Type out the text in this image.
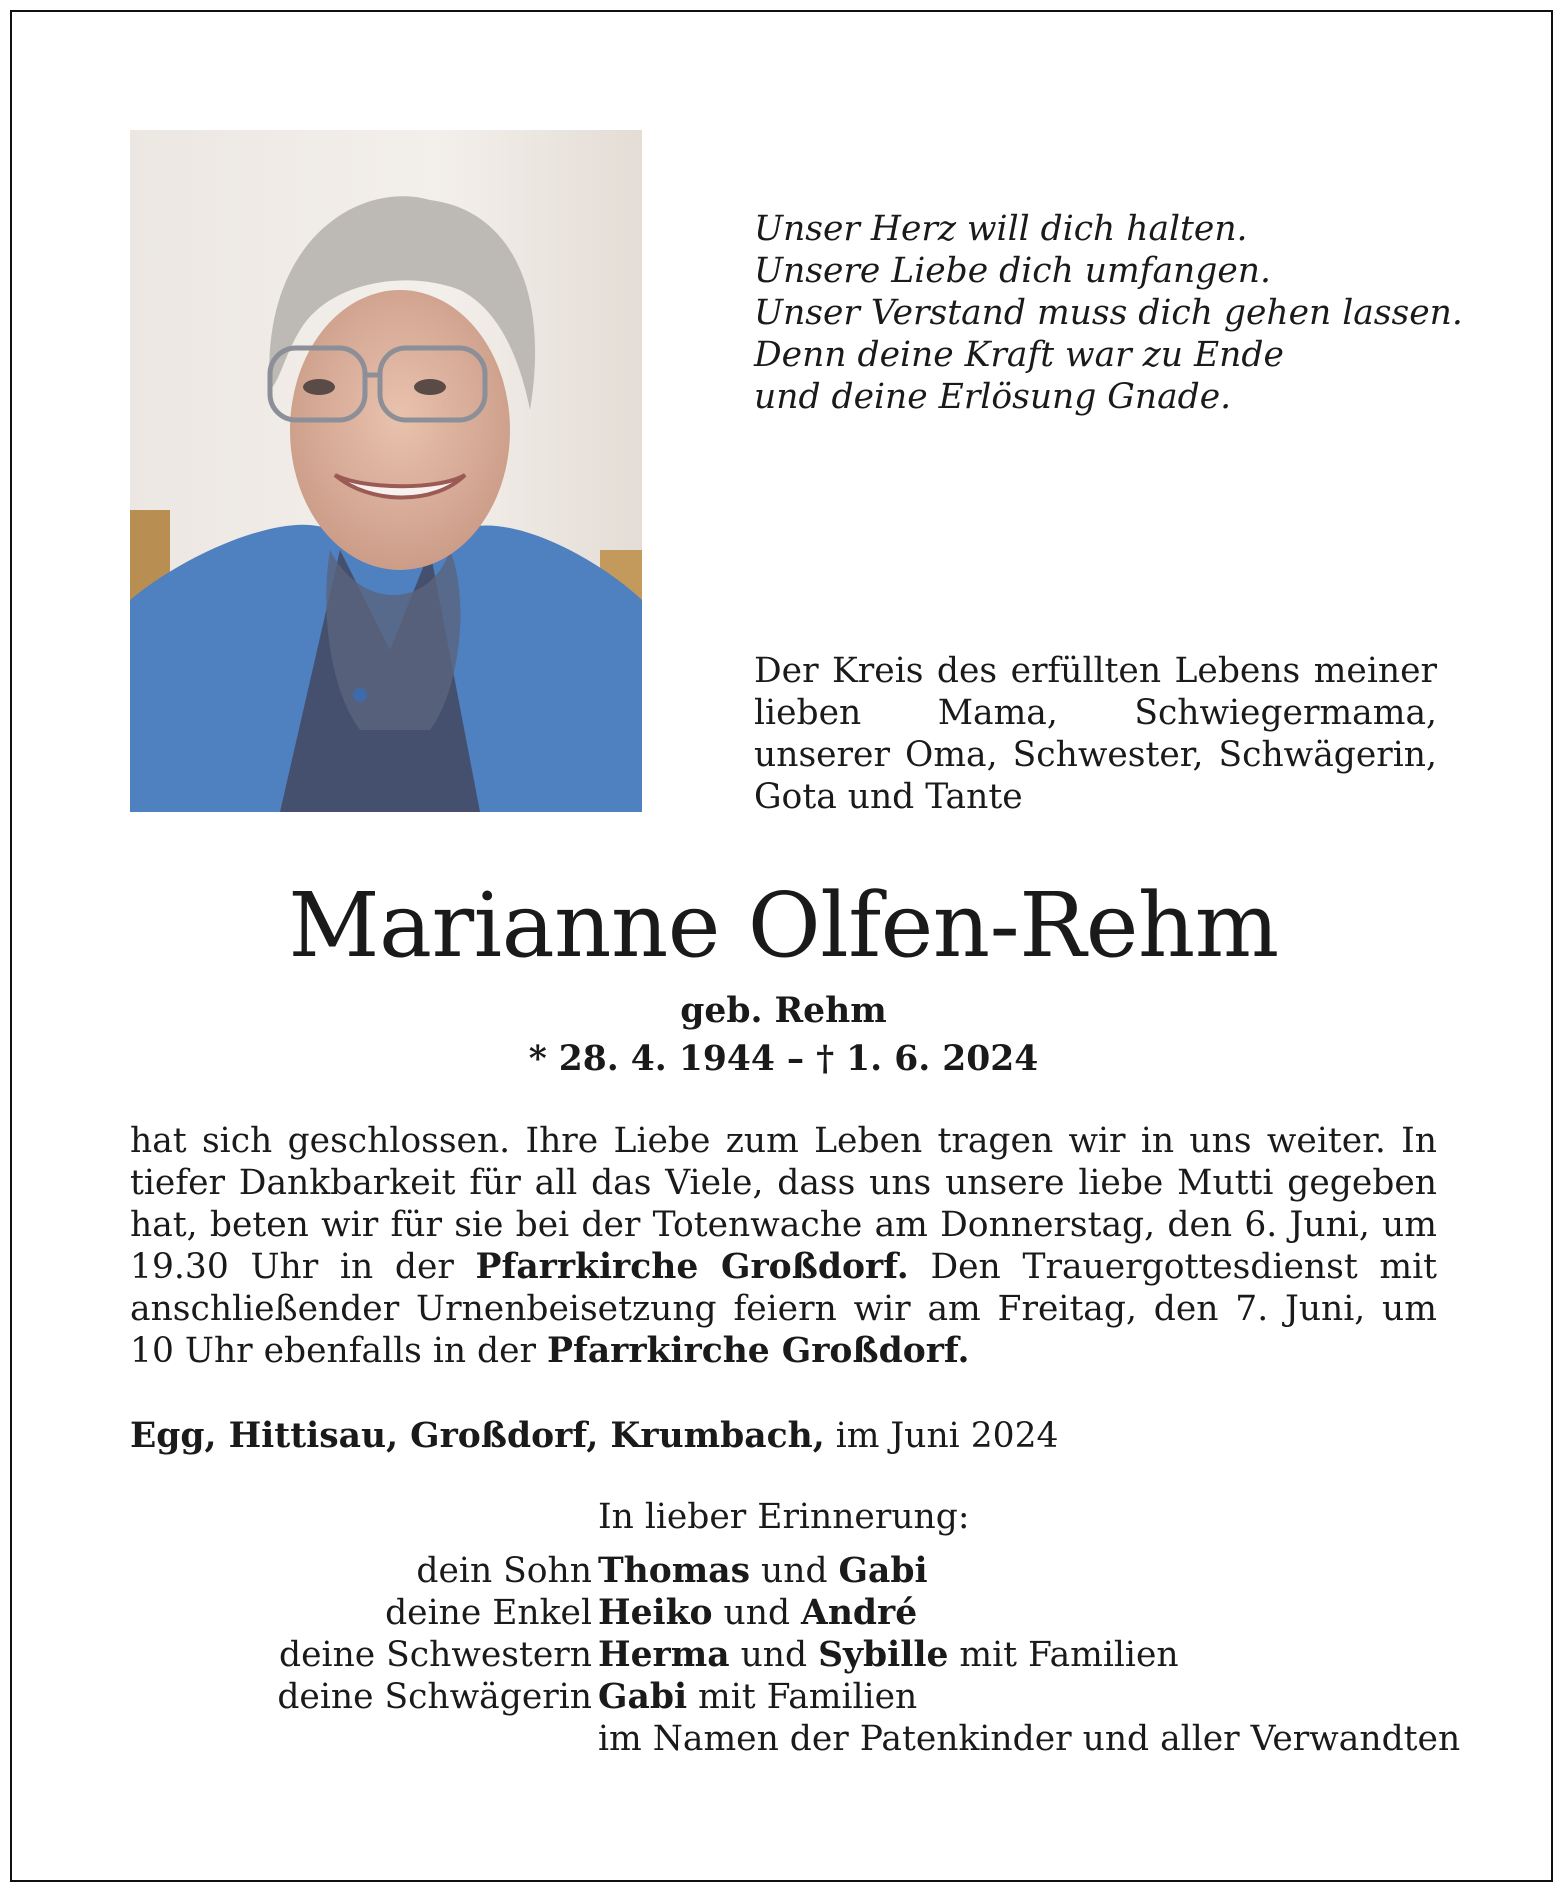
Unser Herz will dich halten.
Unsere Liebe dich umfangen.
Unser Verstand muss dich gehen lassen.
Denn deine Kraft war zu Ende
und deine Erlösung Gnade.
Der Kreis des erfüllten Lebens meiner lieben Mama, Schwiegermama, unserer Oma, Schwester, Schwägerin, Gota und Tante
Marianne Olfen-Rehm
geb. Rehm
* 28. 4. 1944 – † 1. 6. 2024
hat sich geschlossen. Ihre Liebe zum Leben tragen wir in uns weiter. In tiefer Dankbarkeit für all das Viele, dass uns unsere liebe Mutti gegeben hat, beten wir für sie bei der Totenwache am Donnerstag, den 6. Juni, um 19.30 Uhr in der Pfarrkirche Großdorf. Den Trauergottesdienst mit anschließender Urnenbeisetzung feiern wir am Freitag, den 7. Juni, um 10 Uhr ebenfalls in der Pfarrkirche Großdorf.
Egg, Hittisau, Großdorf, Krumbach, im Juni 2024
In lieber Erinnerung:
dein Sohn Thomas und Gabi
deine Enkel Heiko und André
deine Schwestern Herma und Sybille mit Familien
deine Schwägerin Gabi mit Familien
im Namen der Patenkinder und aller Verwandten
